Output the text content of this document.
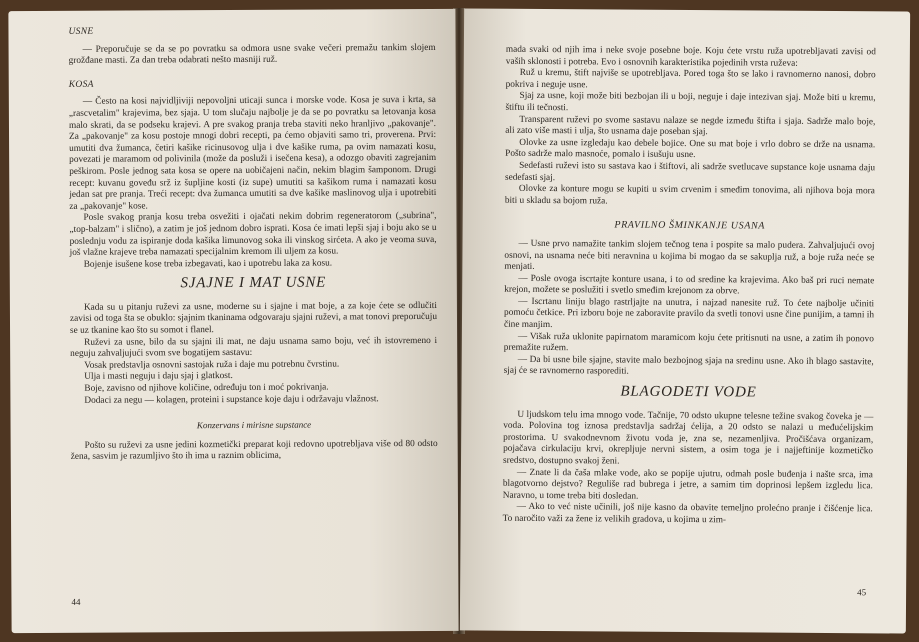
USNE

— Preporučuje se da se po povratku sa odmora usne svake večeri premažu tankim slojem grožđane masti. Za dan treba odabrati nešto masniji ruž.

KOSA

— Često na kosi najvidljiviji nepovoljni uticaji sunca i morske vode. Kosa je suva i krta, sa „rascvetalim" krajevima, bez sjaja. U tom slučaju najbolje je da se po povratku sa letovanja kosa malo skrati, da se podseku krajevi. A pre svakog pranja treba staviti neko hranljivo „pakovanje". Za „pakovanje" za kosu postoje mnogi dobri recepti, pa ćemo objaviti samo tri, proverena. Prvi: umutiti dva žumanca, četiri kašike ricinusovog ulja i dve kašike ruma, pa ovim namazati kosu, povezati je maramom od polivinila (može da posluži i isečena kesa), a odozgo obaviti zagrejanim peškirom. Posle jednog sata kosa se opere na uobičajeni način, nekim blagim šamponom. Drugi recept: kuvanu goveđu srž iz šupljine kosti (iz supe) umutiti sa kašikom ruma i namazati kosu jedan sat pre pranja. Treći recept: dva žumanca umutiti sa dve kašike maslinovog ulja i upotrebiti za „pakovanje" kose.

Posle svakog pranja kosu treba osvežiti i ojačati nekim dobrim regeneratorom („subrina", „top-balzam" i slično), a zatim je još jednom dobro isprati. Kosa će imati lepši sjaj i boju ako se u poslednju vodu za ispiranje doda kašika limunovog soka ili vinskog sirćeta. A ako je veoma suva, još vlažne krajeve treba namazati specijalnim kremom ili uljem za kosu.

Bojenje isušene kose treba izbegavati, kao i upotrebu laka za kosu.

SJAJNE I MAT USNE

Kada su u pitanju ruževi za usne, moderne su i sjajne i mat boje, a za koje ćete se odlučiti zavisi od toga šta se obuklo: sjajnim tkaninama odgovaraju sjajni ruževi, a mat tonovi preporučuju se uz tkanine kao što su somot i flanel.

Ruževi za usne, bilo da su sjajni ili mat, ne daju usnama samo boju, već ih istovremeno i neguju zahvaljujući svom sve bogatijem sastavu:

Vosak predstavlja osnovni sastojak ruža i daje mu potrebnu čvrstinu.

Ulja i masti neguju i daju sjaj i glatkost.

Boje, zavisno od njihove količine, određuju ton i moć pokrivanja.

Dodaci za negu — kolagen, proteini i supstance koje daju i održavaju vlažnost.

Konzervans i mirisne supstance

Pošto su ruževi za usne jedini kozmetički preparat koji redovno upotrebljava više od 80 odsto žena, sasvim je razumljivo što ih ima u raznim oblicima,

44

mada svaki od njih ima i neke svoje posebne boje. Koju ćete vrstu ruža upotrebljavati zavisi od vaših sklonosti i potreba. Evo i osnovnih karakteristika pojedinih vrsta ruževa:

Ruž u kremu, štift najviše se upotrebljava. Pored toga što se lako i ravnomerno nanosi, dobro pokriva i neguje usne.

Sjaj za usne, koji može biti bezbojan ili u boji, neguje i daje intezivan sjaj. Može biti u kremu, štiftu ili tečnosti.

Transparent ruževi po svome sastavu nalaze se negde između štifta i sjaja. Sadrže malo boje, ali zato više masti i ulja, što usnama daje poseban sjaj.

Olovke za usne izgledaju kao debele bojice. One su mat boje i vrlo dobro se drže na usnama. Pošto sadrže malo masnoće, pomalo i isušuju usne.

Sedefasti ruževi isto su sastava kao i štiftovi, ali sadrže svetlucave supstance koje usnama daju sedefasti sjaj.

Olovke za konture mogu se kupiti u svim crvenim i smeđim tonovima, ali njihova boja mora biti u skladu sa bojom ruža.

PRAVILNO ŠMINKANJE USANA

— Usne prvo namažite tankim slojem tečnog tena i pospite sa malo pudera. Zahvaljujući ovoj osnovi, na usnama neće biti neravnina u kojima bi mogao da se sakuplja ruž, a boje ruža neće se menjati.

— Posle ovoga iscrtajte konture usana, i to od sredine ka krajevima. Ako baš pri ruci nemate krejon, možete se poslužiti i svetlo smeđim krejonom za obrve.

— Iscrtanu liniju blago rastrljajte na unutra, i najzad nanesite ruž. To ćete najbolje učiniti pomoću četkice. Pri izboru boje ne zaboravite pravilo da svetli tonovi usne čine punijim, a tamni ih čine manjim.

— Višak ruža uklonite papirnatom maramicom koju ćete pritisnuti na usne, a zatim ih ponovo premažite ružem.

— Da bi usne bile sjajne, stavite malo bezbojnog sjaja na sredinu usne. Ako ih blago sastavite, sjaj će se ravnomerno rasporediti.

BLAGODETI VODE

U ljudskom telu ima mnogo vode. Tačnije, 70 odsto ukupne telesne težine svakog čoveka je — voda. Polovina tog iznosa predstavlja sadržaj ćelija, a 20 odsto se nalazi u međućelijskim prostorima. U svakodnevnom životu voda je, zna se, nezamenljiva. Pročišćava organizam, pojačava cirkulaciju krvi, okrepljuje nervni sistem, a osim toga je i najjeftinije kozmetičko sredstvo, dostupno svakoj ženi.

— Znate li da čaša mlake vode, ako se popije ujutru, odmah posle buđenja i našte srca, ima blagotvorno dejstvo? Reguliše rad bubrega i jetre, a samim tim doprinosi lepšem izgledu lica. Naravno, u tome treba biti dosledan.

— Ako to već niste učinili, još nije kasno da obavite temeljno prolećno pranje i čišćenje lica. To naročito važi za žene iz velikih gradova, u kojima u zim-

45
